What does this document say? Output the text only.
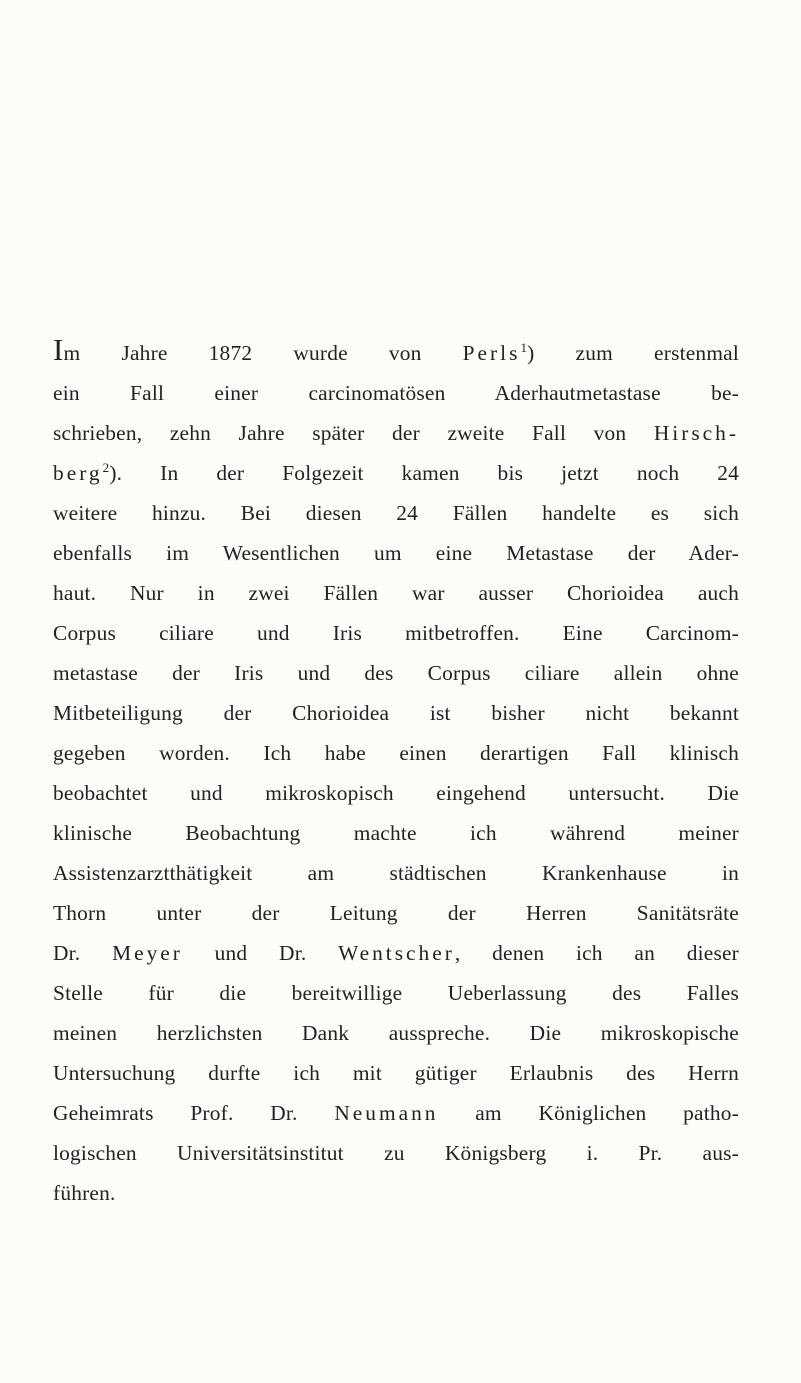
Im Jahre 1872 wurde von Perls$^1$) zum erstenmal
ein Fall einer carcinomatösen Aderhautmetastase be-
schrieben, zehn Jahre später der zweite Fall von Hirsch-
berg$^2$). In der Folgezeit kamen bis jetzt noch 24
weitere hinzu. Bei diesen 24 Fällen handelte es sich
ebenfalls im Wesentlichen um eine Metastase der Ader-
haut. Nur in zwei Fällen war ausser Chorioidea auch
Corpus ciliare und Iris mitbetroffen. Eine Carcinom-
metastase der Iris und des Corpus ciliare allein ohne
Mitbeteiligung der Chorioidea ist bisher nicht bekannt
gegeben worden. Ich habe einen derartigen Fall klinisch
beobachtet und mikroskopisch eingehend untersucht. Die
klinische Beobachtung machte ich während meiner
Assistenzarztthätigkeit am städtischen Krankenhause in
Thorn unter der Leitung der Herren Sanitätsräte
Dr. Meyer und Dr. Wentscher, denen ich an dieser
Stelle für die bereitwillige Ueberlassung des Falles
meinen herzlichsten Dank ausspreche. Die mikroskopische
Untersuchung durfte ich mit gütiger Erlaubnis des Herrn
Geheimrats Prof. Dr. Neumann am Königlichen patho-
logischen Universitätsinstitut zu Königsberg i. Pr. aus-
führen.
